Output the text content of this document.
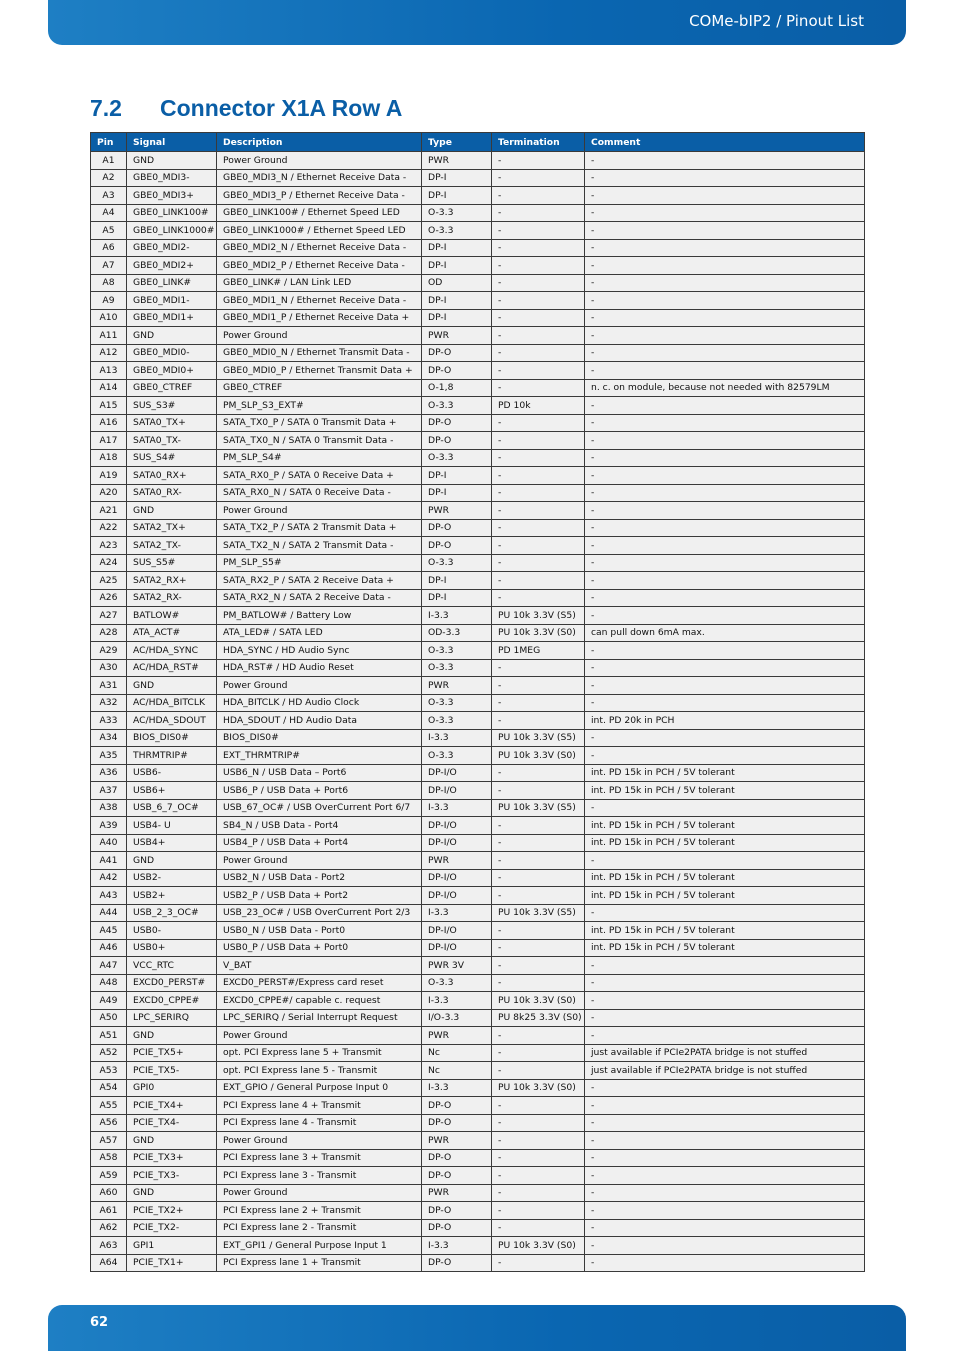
COMe-bIP2 / Pinout List
7.2 Connector X1A Row A
Pin	Signal	Description	Type	Termination	Comment
A1	GND	Power Ground	PWR	-	-
A2	GBE0_MDI3-	GBE0_MDI3_N / Ethernet Receive Data -	DP-I	-	-
A3	GBE0_MDI3+	GBE0_MDI3_P / Ethernet Receive Data -	DP-I	-	-
A4	GBE0_LINK100#	GBE0_LINK100# / Ethernet Speed LED	O-3.3	-	-
A5	GBE0_LINK1000#	GBE0_LINK1000# / Ethernet Speed LED	O-3.3	-	-
A6	GBE0_MDI2-	GBE0_MDI2_N / Ethernet Receive Data -	DP-I	-	-
A7	GBE0_MDI2+	GBE0_MDI2_P / Ethernet Receive Data -	DP-I	-	-
A8	GBE0_LINK#	GBE0_LINK# / LAN Link LED	OD	-	-
A9	GBE0_MDI1-	GBE0_MDI1_N / Ethernet Receive Data -	DP-I	-	-
A10	GBE0_MDI1+	GBE0_MDI1_P / Ethernet Receive Data +	DP-I	-	-
A11	GND	Power Ground	PWR	-	-
A12	GBE0_MDI0-	GBE0_MDI0_N / Ethernet Transmit Data -	DP-O	-	-
A13	GBE0_MDI0+	GBE0_MDI0_P / Ethernet Transmit Data +	DP-O	-	-
A14	GBE0_CTREF	GBE0_CTREF	O-1,8	-	n. c. on module, because not needed with 82579LM
A15	SUS_S3#	PM_SLP_S3_EXT#	O-3.3	PD 10k	-
A16	SATA0_TX+	SATA_TX0_P / SATA 0 Transmit Data +	DP-O	-	-
A17	SATA0_TX-	SATA_TX0_N / SATA 0 Transmit Data -	DP-O	-	-
A18	SUS_S4#	PM_SLP_S4#	O-3.3	-	-
A19	SATA0_RX+	SATA_RX0_P / SATA 0 Receive Data +	DP-I	-	-
A20	SATA0_RX-	SATA_RX0_N / SATA 0 Receive Data -	DP-I	-	-
A21	GND	Power Ground	PWR	-	-
A22	SATA2_TX+	SATA_TX2_P / SATA 2 Transmit Data +	DP-O	-	-
A23	SATA2_TX-	SATA_TX2_N / SATA 2 Transmit Data -	DP-O	-	-
A24	SUS_S5#	PM_SLP_S5#	O-3.3	-	-
A25	SATA2_RX+	SATA_RX2_P / SATA 2 Receive Data +	DP-I	-	-
A26	SATA2_RX-	SATA_RX2_N / SATA 2 Receive Data -	DP-I	-	-
A27	BATLOW#	PM_BATLOW# / Battery Low	I-3.3	PU 10k 3.3V (S5)	-
A28	ATA_ACT#	ATA_LED# / SATA LED	OD-3.3	PU 10k 3.3V (S0)	can pull down 6mA max.
A29	AC/HDA_SYNC	HDA_SYNC / HD Audio Sync	O-3.3	PD 1MEG	-
A30	AC/HDA_RST#	HDA_RST# / HD Audio Reset	O-3.3	-	-
A31	GND	Power Ground	PWR	-	-
A32	AC/HDA_BITCLK	HDA_BITCLK / HD Audio Clock	O-3.3	-	-
A33	AC/HDA_SDOUT	HDA_SDOUT / HD Audio Data	O-3.3	-	int. PD 20k in PCH
A34	BIOS_DIS0#	BIOS_DIS0#	I-3.3	PU 10k 3.3V (S5)	-
A35	THRMTRIP#	EXT_THRMTRIP#	O-3.3	PU 10k 3.3V (S0)	-
A36	USB6-	USB6_N / USB Data – Port6	DP-I/O	-	int. PD 15k in PCH / 5V tolerant
A37	USB6+	USB6_P / USB Data + Port6	DP-I/O	-	int. PD 15k in PCH / 5V tolerant
A38	USB_6_7_OC#	USB_67_OC# / USB OverCurrent Port 6/7	I-3.3	PU 10k 3.3V (S5)	-
A39	USB4- U	SB4_N / USB Data - Port4	DP-I/O	-	int. PD 15k in PCH / 5V tolerant
A40	USB4+	USB4_P / USB Data + Port4	DP-I/O	-	int. PD 15k in PCH / 5V tolerant
A41	GND	Power Ground	PWR	-	-
A42	USB2-	USB2_N / USB Data - Port2	DP-I/O	-	int. PD 15k in PCH / 5V tolerant
A43	USB2+	USB2_P / USB Data + Port2	DP-I/O	-	int. PD 15k in PCH / 5V tolerant
A44	USB_2_3_OC#	USB_23_OC# / USB OverCurrent Port 2/3	I-3.3	PU 10k 3.3V (S5)	-
A45	USB0-	USB0_N / USB Data - Port0	DP-I/O	-	int. PD 15k in PCH / 5V tolerant
A46	USB0+	USB0_P / USB Data + Port0	DP-I/O	-	int. PD 15k in PCH / 5V tolerant
A47	VCC_RTC	V_BAT	PWR 3V	-	-
A48	EXCD0_PERST#	EXCD0_PERST#/Express card reset	O-3.3	-	-
A49	EXCD0_CPPE#	EXCD0_CPPE#/ capable c. request	I-3.3	PU 10k 3.3V (S0)	-
A50	LPC_SERIRQ	LPC_SERIRQ / Serial Interrupt Request	I/O-3.3	PU 8k25 3.3V (S0)	-
A51	GND	Power Ground	PWR	-	-
A52	PCIE_TX5+	opt. PCI Express lane 5 + Transmit	Nc	-	just available if PCIe2PATA bridge is not stuffed
A53	PCIE_TX5-	opt. PCI Express lane 5 - Transmit	Nc	-	just available if PCIe2PATA bridge is not stuffed
A54	GPI0	EXT_GPIO / General Purpose Input 0	I-3.3	PU 10k 3.3V (S0)	-
A55	PCIE_TX4+	PCI Express lane 4 + Transmit	DP-O	-	-
A56	PCIE_TX4-	PCI Express lane 4 - Transmit	DP-O	-	-
A57	GND	Power Ground	PWR	-	-
A58	PCIE_TX3+	PCI Express lane 3 + Transmit	DP-O	-	-
A59	PCIE_TX3-	PCI Express lane 3 - Transmit	DP-O	-	-
A60	GND	Power Ground	PWR	-	-
A61	PCIE_TX2+	PCI Express lane 2 + Transmit	DP-O	-	-
A62	PCIE_TX2-	PCI Express lane 2 - Transmit	DP-O	-	-
A63	GPI1	EXT_GPI1 / General Purpose Input 1	I-3.3	PU 10k 3.3V (S0)	-
A64	PCIE_TX1+	PCI Express lane 1 + Transmit	DP-O	-	-
62
